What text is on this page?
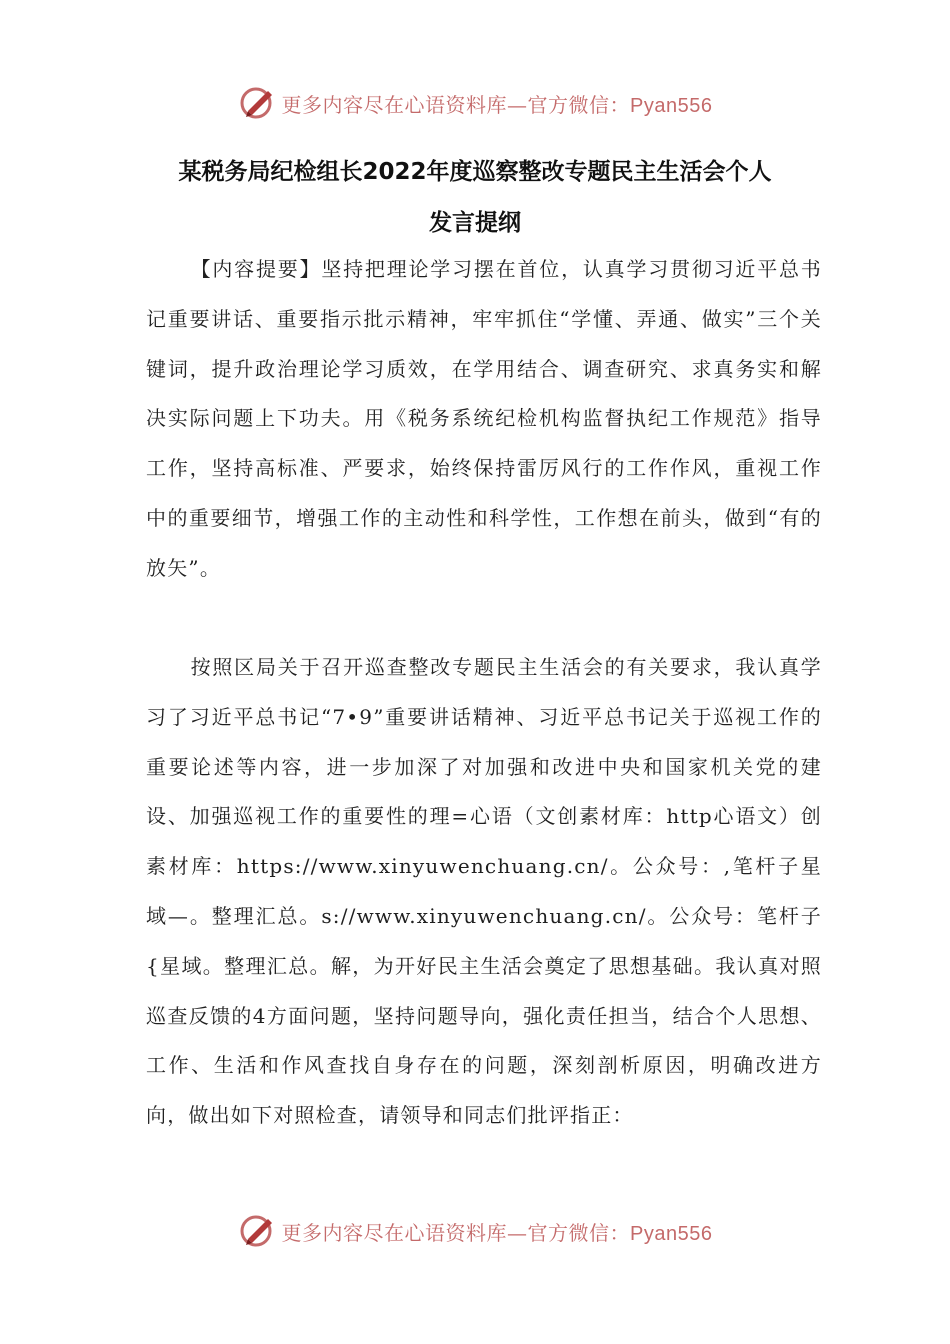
更多内容尽在心语资料库—官方微信：Pyan556
某税务局纪检组长2022年度巡察整改专题民主生活会个人
发言提纲
【内容提要】坚持把理论学习摆在首位，认真学习贯彻习近平总书记重要讲话、重要指示批示精神，牢牢抓住“学懂、弄通、做实”三个关键词，提升政治理论学习质效，在学用结合、调查研究、求真务实和解决实际问题上下功夫。用《税务系统纪检机构监督执纪工作规范》指导工作，坚持高标准、严要求，始终保持雷厉风行的工作作风，重视工作中的重要细节，增强工作的主动性和科学性，工作想在前头，做到“有的放矢”。
按照区局关于召开巡查整改专题民主生活会的有关要求，我认真学习了习近平总书记“7•9”重要讲话精神、习近平总书记关于巡视工作的重要论述等内容，进一步加深了对加强和改进中央和国家机关党的建设、加强巡视工作的重要性的理=心语（文创素材库：http心语文）创素材库：https://www.xinyuwenchuang.cn/。公众号：,笔杆子星域—。整理汇总。s://www.xinyuwenchuang.cn/。公众号：笔杆子{星域。整理汇总。解，为开好民主生活会奠定了思想基础。我认真对照巡查反馈的4方面问题，坚持问题导向，强化责任担当，结合个人思想、工作、生活和作风查找自身存在的问题，深刻剖析原因，明确改进方向，做出如下对照检查，请领导和同志们批评指正：
更多内容尽在心语资料库—官方微信：Pyan556
